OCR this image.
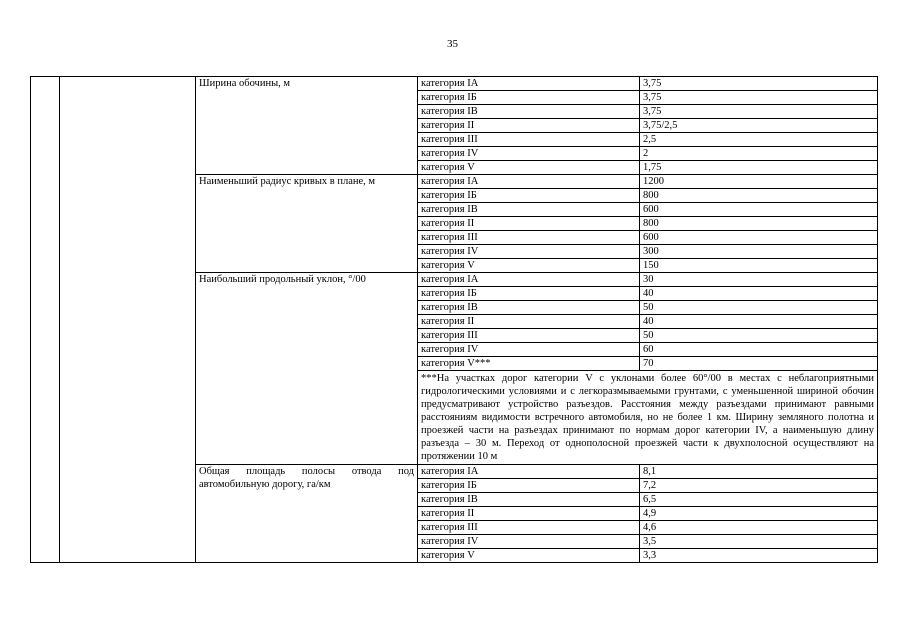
35
		Ширина обочины, м	категория IА	3,75
			категория IБ	3,75
			категория IВ	3,75
			категория II	3,75/2,5
			категория III	2,5
			категория IV	2
			категория V	1,75
		Наименьший радиус кривых в плане, м	категория IА	1200
			категория IБ	800
			категория IВ	600
			категория II	800
			категория III	600
			категория IV	300
			категория V	150
		Наибольший продольный уклон, °/00	категория IА	30
			категория IБ	40
			категория IВ	50
			категория II	40
			категория III	50
			категория IV	60
			категория V***	70
			***На участках дорог категории V с уклонами более 60°/00 в местах с неблагоприятными гидрологическими условиями и с легкоразмываемыми грунтами, с уменьшенной шириной обочин предусматривают устройство разъездов. Расстояния между разъездами принимают равными расстояниям видимости встречного автомобиля, но не более 1 км. Ширину земляного полотна и проезжей части на разъездах принимают по нормам дорог категории IV, а наименьшую длину разъезда – 30 м. Переход от однополосной проезжей части к двухполосной осуществляют на протяжении 10 м	
		Общая площадь полосы отвода под автомобильную дорогу, га/км	категория IА	8,1
			категория IБ	7,2
			категория IВ	6,5
			категория II	4,9
			категория III	4,6
			категория IV	3,5
			категория V	3,3
